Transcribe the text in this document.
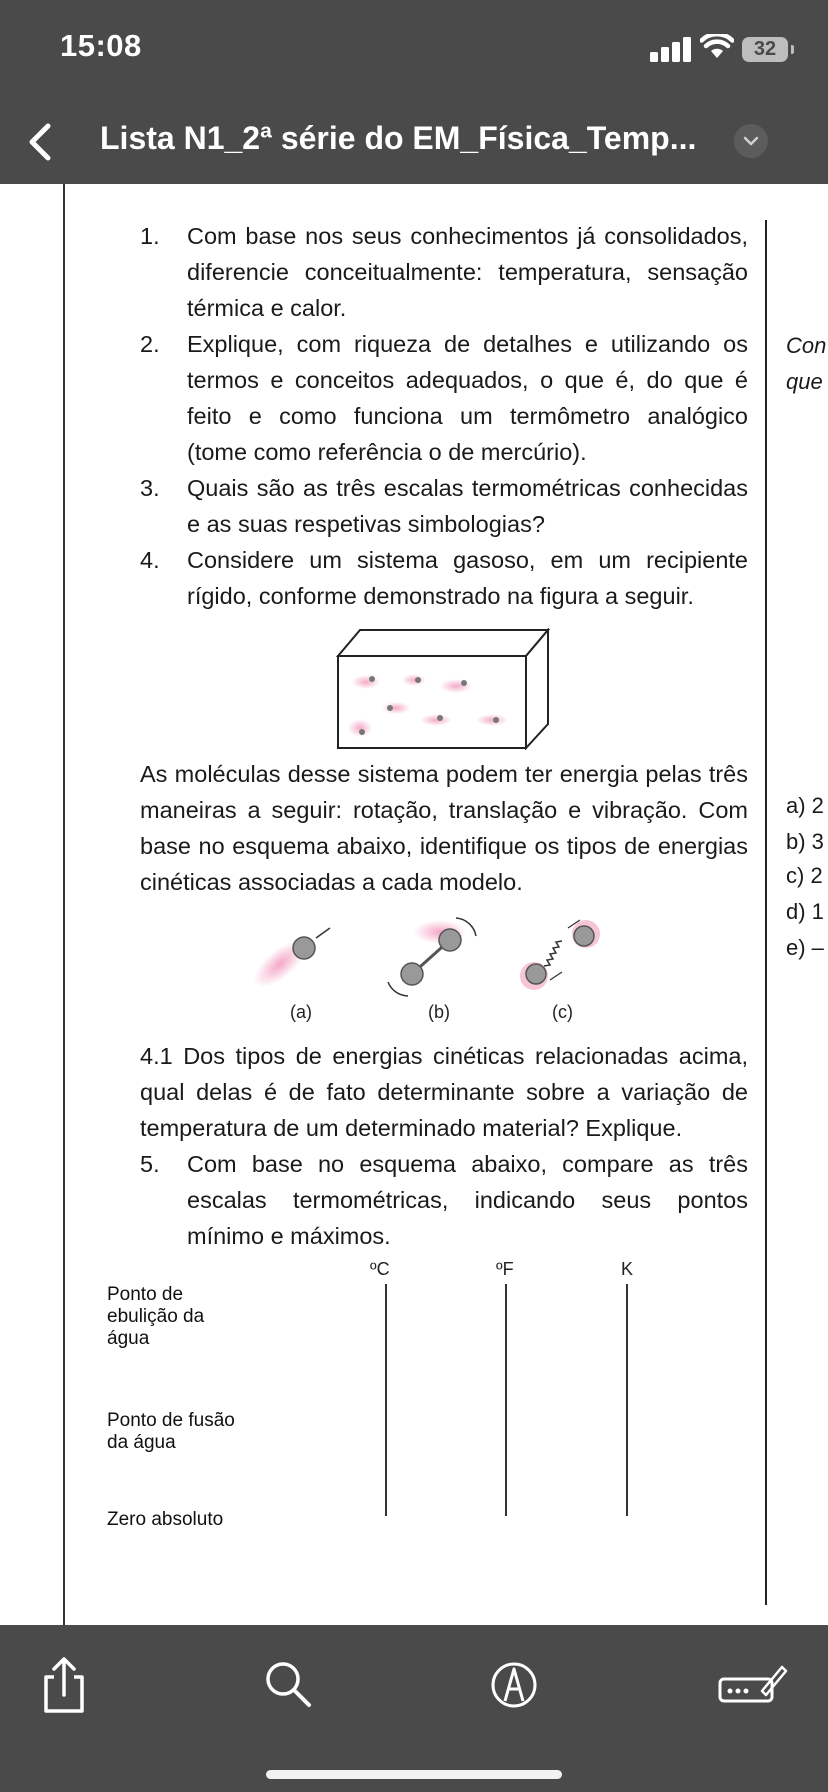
15:08	32
Lista N1_2ª série do EM_Física_Temp...
1. Com base nos seus conhecimentos já consolidados, diferencie conceitualmente: temperatura, sensação térmica e calor.
2. Explique, com riqueza de detalhes e utilizando os termos e conceitos adequados, o que é, do que é feito e como funciona um termômetro analógico (tome como referência o de mercúrio).
3. Quais são as três escalas termométricas conhecidas e as suas respetivas simbologias?
4. Considere um sistema gasoso, em um recipiente rígido, conforme demonstrado na figura a seguir.
As moléculas desse sistema podem ter energia pelas três maneiras a seguir: rotação, translação e vibração. Com base no esquema abaixo, identifique os tipos de energias cinéticas associadas a cada modelo.
(a)	(b)	(c)
4.1 Dos tipos de energias cinéticas relacionadas acima, qual delas é de fato determinante sobre a variação de temperatura de um determinado material? Explique.
5. Com base no esquema abaixo, compare as três escalas termométricas, indicando seus pontos mínimo e máximos.
ºC	ºF	K
Ponto de
ebulição da
água
Ponto de fusão
da água
Zero absoluto
Con
que
a) 2
b) 3
c) 2
d) 1
e) –
